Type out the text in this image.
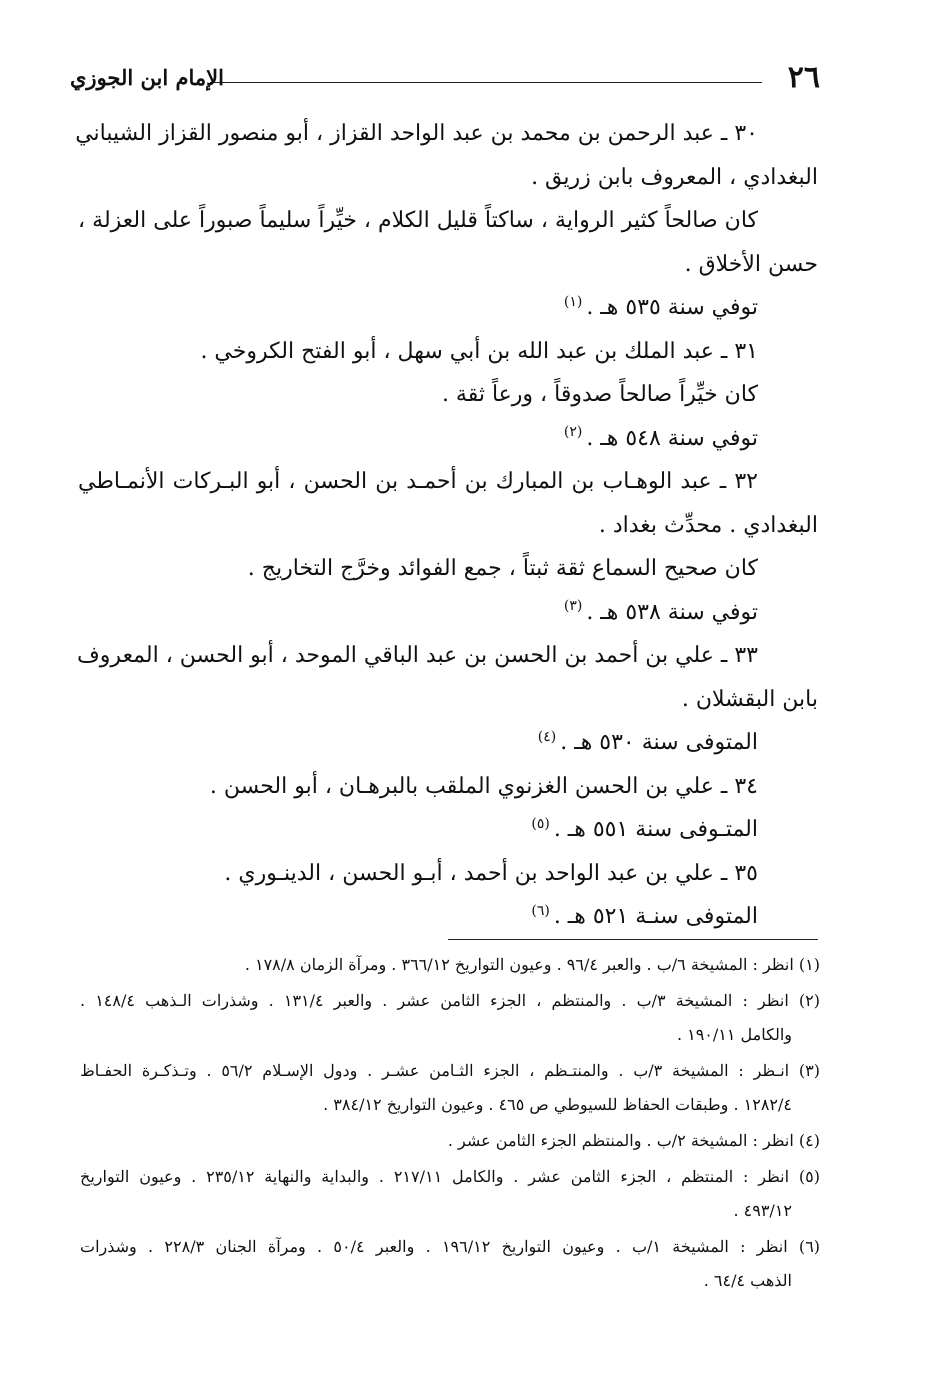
٢٦
الإمام ابن الجوزي
٣٠ ـ عبد الرحمن بن محمد بن عبد الواحد القزاز ، أبو منصور القزاز الشيباني
البغدادي ، المعروف بابن زريق .
كان صالحاً كثير الرواية ، ساكتاً قليل الكلام ، خيِّراً سليماً صبوراً على العزلة ،
حسن الأخلاق .
توفي سنة ٥٣٥ هـ .$^{(١)}$
٣١ ـ عبد الملك بن عبد الله بن أبي سهل ، أبو الفتح الكروخي .
كان خيِّراً صالحاً صدوقاً ، ورعاً ثقة .
توفي سنة ٥٤٨ هـ .$^{(٢)}$
٣٢ ـ عبد الوهـاب بن المبارك بن أحمـد بن الحسن ، أبو البـركات الأنمـاطي
البغدادي . محدِّث بغداد .
كان صحيح السماع ثقة ثبتاً ، جمع الفوائد وخرَّج التخاريج .
توفي سنة ٥٣٨ هـ .$^{(٣)}$
٣٣ ـ علي بن أحمد بن الحسن بن عبد الباقي الموحد ، أبو الحسن ، المعروف
بابن البقشلان .
المتوفى سنة ٥٣٠ هـ .$^{(٤)}$
٣٤ ـ علي بن الحسن الغزنوي الملقب بالبرهـان ، أبو الحسن .
المتـوفى سنة ٥٥١ هـ .$^{(٥)}$
٣٥ ـ علي بن عبد الواحد بن أحمد ، أبـو الحسن ، الدينـوري .
المتوفى سنـة ٥٢١ هـ .$^{(٦)}$
(١) انظر : المشيخة ٦/ب . والعبر ٩٦/٤ . وعيون التواريخ ٣٦٦/١٢ . ومرآة الزمان ١٧٨/٨ .
(٢) انظر : المشيخة ٣/ب . والمنتظم ، الجزء الثامن عشر . والعبر ١٣١/٤ . وشذرات الـذهب ١٤٨/٤ .
والكامل ١٩٠/١١ .
(٣) انـظر : المشيخة ٣/ب . والمنتـظم ، الجزء الثـامن عشـر . ودول الإسـلام ٥٦/٢ . وتـذكـرة الحفـاظ
١٢٨٢/٤ . وطبقات الحفاظ للسيوطي ص ٤٦٥ . وعيون التواريخ ٣٨٤/١٢ .
(٤) انظر : المشيخة ٢/ب . والمنتظم الجزء الثامن عشر .
(٥) انظر : المنتظم ، الجزء الثامن عشر . والكامل ٢١٧/١١ . والبداية والنهاية ٢٣٥/١٢ . وعيون التواريخ
٤٩٣/١٢ .
(٦) انظر : المشيخة ١/ب . وعيون التواريخ ١٩٦/١٢ . والعبر ٥٠/٤ . ومرآة الجنان ٢٢٨/٣ . وشذرات
الذهب ٦٤/٤ .
